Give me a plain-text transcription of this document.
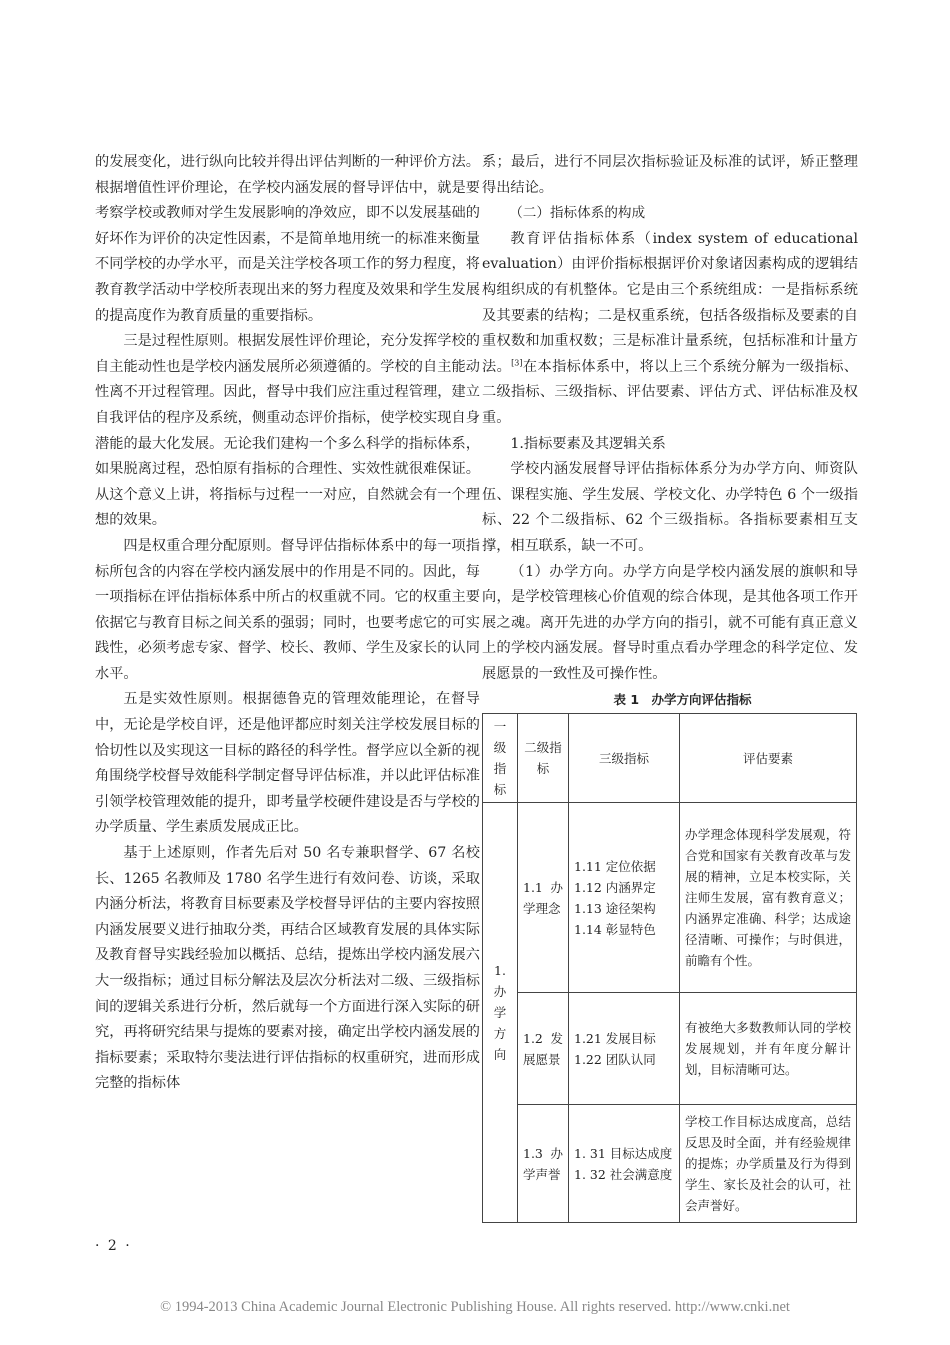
的发展变化，进行纵向比较并得出评估判断的一种评价方法。根据增值性评价理论，在学校内涵发展的督导评估中，就是要考察学校或教师对学生发展影响的净效应，即不以发展基础的好坏作为评价的决定性因素，不是简单地用统一的标准来衡量不同学校的办学水平，而是关注学校各项工作的努力程度，将教育教学活动中学校所表现出来的努力程度及效果和学生发展的提高度作为教育质量的重要指标。

三是过程性原则。根据发展性评价理论，充分发挥学校的自主能动性也是学校内涵发展所必须遵循的。学校的自主能动性离不开过程管理。因此，督导中我们应注重过程管理，建立自我评估的程序及系统，侧重动态评价指标，使学校实现自身潜能的最大化发展。无论我们建构一个多么科学的指标体系，如果脱离过程，恐怕原有指标的合理性、实效性就很难保证。从这个意义上讲，将指标与过程一一对应，自然就会有一个理想的效果。

四是权重合理分配原则。督导评估指标体系中的每一项指标所包含的内容在学校内涵发展中的作用是不同的。因此，每一项指标在评估指标体系中所占的权重就不同。它的权重主要依据它与教育目标之间关系的强弱；同时，也要考虑它的可实践性，必须考虑专家、督学、校长、教师、学生及家长的认同水平。

五是实效性原则。根据德鲁克的管理效能理论，在督导中，无论是学校自评，还是他评都应时刻关注学校发展目标的恰切性以及实现这一目标的路径的科学性。督学应以全新的视角围绕学校督导效能科学制定督导评估标准，并以此评估标准引领学校管理效能的提升，即考量学校硬件建设是否与学校的办学质量、学生素质发展成正比。

基于上述原则，作者先后对 50 名专兼职督学、67 名校长、1265 名教师及 1780 名学生进行有效问卷、访谈，采取内涵分析法，将教育目标要素及学校督导评估的主要内容按照内涵发展要义进行抽取分类，再结合区域教育发展的具体实际及教育督导实践经验加以概括、总结，提炼出学校内涵发展六大一级指标；通过目标分解法及层次分析法对二级、三级指标间的逻辑关系进行分析，然后就每一个方面进行深入实际的研究，再将研究结果与提炼的要素对接，确定出学校内涵发展的指标要素；采取特尔斐法进行评估指标的权重研究，进而形成完整的指标体

系；最后，进行不同层次指标验证及标准的试评，矫正整理得出结论。

（二）指标体系的构成

教育评估指标体系（index system of educational evaluation）由评价指标根据评价对象诸因素构成的逻辑结构组织成的有机整体。它是由三个系统组成：一是指标系统及其要素的结构；二是权重系统，包括各级指标及要素的自重权数和加重权数；三是标准计量系统，包括标准和计量方法。[3]在本指标体系中，将以上三个系统分解为一级指标、二级指标、三级指标、评估要素、评估方式、评估标准及权重。

1.指标要素及其逻辑关系

学校内涵发展督导评估指标体系分为办学方向、师资队伍、课程实施、学生发展、学校文化、办学特色 6 个一级指标、22 个二级指标、62 个三级指标。各指标要素相互支撑，相互联系，缺一不可。

（1）办学方向。办学方向是学校内涵发展的旗帜和导向，是学校管理核心价值观的综合体现，是其他各项工作开展之魂。离开先进的办学方向的指引，就不可能有真正意义上的学校内涵发展。督导时重点看办学理念的科学定位、发展愿景的一致性及可操作性。

表 1　办学方向评估指标

一级指标	二级指标	三级指标	评估要素
1.办学方向	1.1 办学理念	1.11 定位依据
1.12 内涵界定
1.13 途径架构
1.14 彰显特色	办学理念体现科学发展观，符合党和国家有关教育改革与发展的精神，立足本校实际，关注师生发展，富有教育意义；内涵界定准确、科学；达成途径清晰、可操作；与时俱进，前瞻有个性。
	1.2 发展愿景	1.21 发展目标
1.22 团队认同	有被绝大多数教师认同的学校发展规划，并有年度分解计划，目标清晰可达。
	1.3 办学声誉	1. 31 目标达成度
1. 32 社会满意度	学校工作目标达成度高，总结反思及时全面，并有经验规律的提炼；办学质量及行为得到学生、家长及社会的认可，社会声誉好。
· 2 ·
© 1994-2013 China Academic Journal Electronic Publishing House. All rights reserved. http://www.cnki.net
